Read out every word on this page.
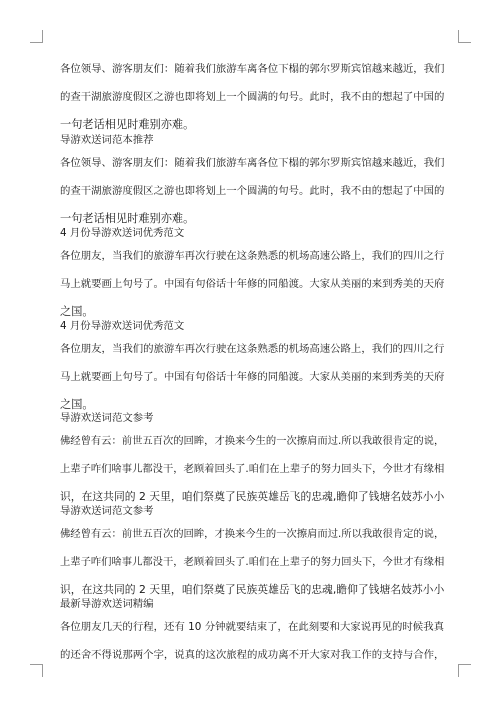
各位领导、游客朋友们：随着我们旅游车离各位下榻的郭尔罗斯宾馆越来越近，我们
的查干湖旅游度假区之游也即将划上一个圆满的句号。此时，我不由的想起了中国的
一句老话相见时难别亦难。
导游欢送词范本推荐
各位领导、游客朋友们：随着我们旅游车离各位下榻的郭尔罗斯宾馆越来越近，我们
的查干湖旅游度假区之游也即将划上一个圆满的句号。此时，我不由的想起了中国的
一句老话相见时难别亦难。
4 月份导游欢送词优秀范文
各位朋友，当我们的旅游车再次行驶在这条熟悉的机场高速公路上，我们的四川之行
马上就要画上句号了。中国有句俗话十年修的同船渡。大家从美丽的来到秀美的天府
之国。
4 月份导游欢送词优秀范文
各位朋友，当我们的旅游车再次行驶在这条熟悉的机场高速公路上，我们的四川之行
马上就要画上句号了。中国有句俗话十年修的同船渡。大家从美丽的来到秀美的天府
之国。
导游欢送词范文参考
佛经曾有云：前世五百次的回眸，才换来今生的一次擦肩而过.所以我敢很肯定的说，
上辈子咋们啥事儿都没干，老顾着回头了.咱们在上辈子的努力回头下，今世才有缘相
识，在这共同的 2 天里，咱们祭奠了民族英雄岳飞的忠魂,瞻仰了钱塘名妓苏小小
导游欢送词范文参考
佛经曾有云：前世五百次的回眸，才换来今生的一次擦肩而过.所以我敢很肯定的说，
上辈子咋们啥事儿都没干，老顾着回头了.咱们在上辈子的努力回头下，今世才有缘相
识，在这共同的 2 天里，咱们祭奠了民族英雄岳飞的忠魂,瞻仰了钱塘名妓苏小小
最新导游欢送词精编
各位朋友几天的行程，还有 10 分钟就要结束了，在此刻要和大家说再见的时候我真
的还舍不得说那两个字，说真的这次旅程的成功离不开大家对我工作的支持与合作，
